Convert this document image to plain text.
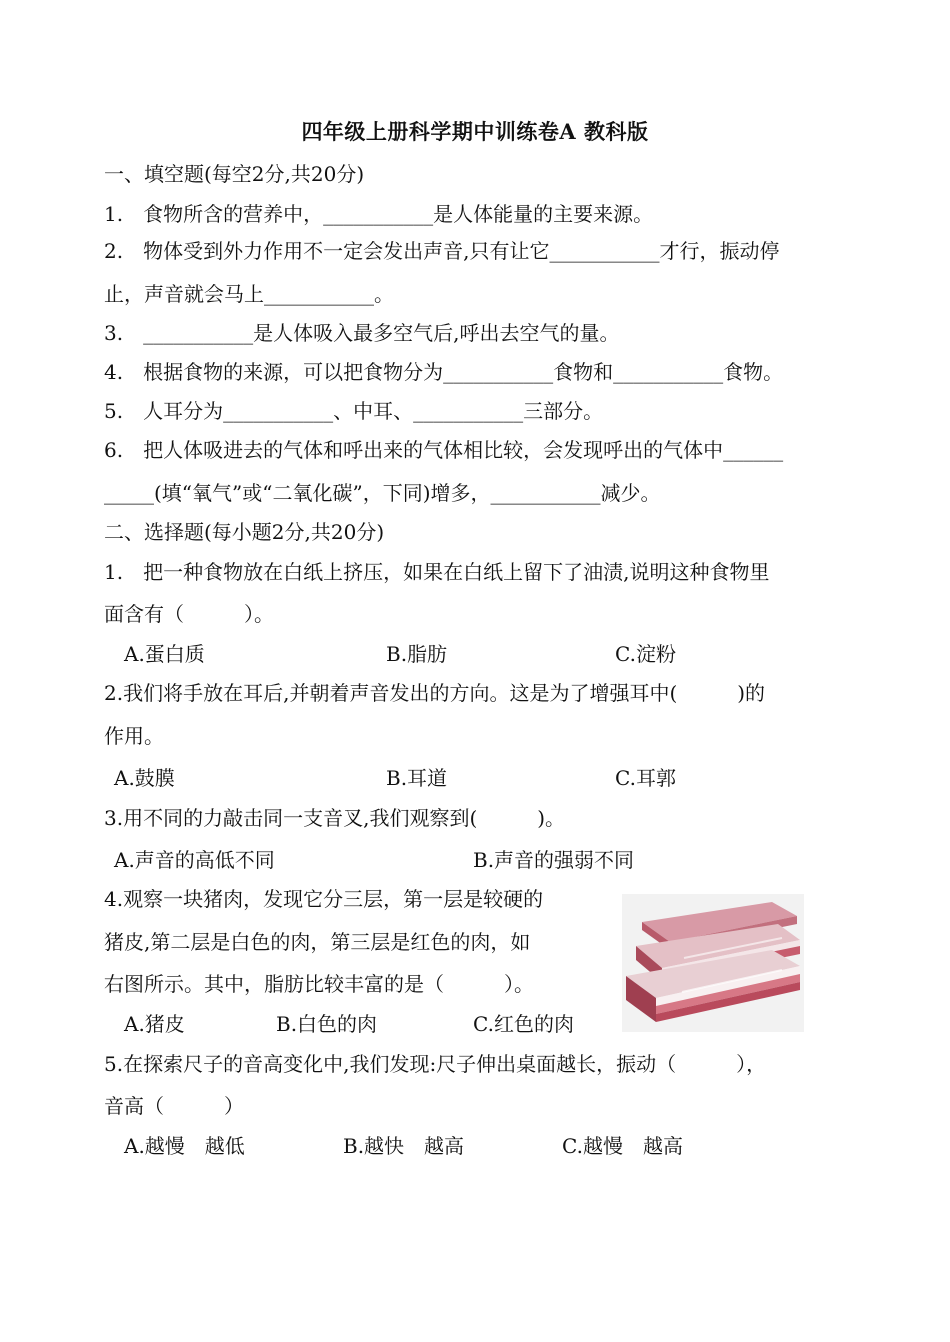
四年级上册科学期中训练卷A 教科版
一、填空题(每空2分,共20分)
1.　食物所含的营养中，___________是人体能量的主要来源。
2.　物体受到外力作用不一定会发出声音,只有让它___________才行，振动停
止，声音就会马上___________。
3.　___________是人体吸入最多空气后,呼出去空气的量。
4.　根据食物的来源，可以把食物分为___________食物和___________食物。
5.　人耳分为___________、中耳、___________三部分。
6.　把人体吸进去的气体和呼出来的气体相比较，会发现呼出的气体中______
_____(填“氧气”或“二氧化碳”，下同)增多，___________减少。
二、选择题(每小题2分,共20分)
1.　把一种食物放在白纸上挤压，如果在白纸上留下了油渍,说明这种食物里
面含有（　　　）。
A.蛋白质	B.脂肪	C.淀粉
2.我们将手放在耳后,并朝着声音发出的方向。这是为了增强耳中(　　　)的
作用。
A.鼓膜	B.耳道	C.耳郭
3.用不同的力敲击同一支音叉,我们观察到(　　　)。
A.声音的高低不同	B.声音的强弱不同
4.观察一块猪肉，发现它分三层，第一层是较硬的
猪皮,第二层是白色的肉，第三层是红色的肉，如
右图所示。其中，脂肪比较丰富的是（　　　）。
A.猪皮	B.白色的肉	C.红色的肉
5.在探索尺子的音高变化中,我们发现:尺子伸出桌面越长，振动（　　　），
音高（　　　）
A.越慢　越低	B.越快　越高	C.越慢　越高
